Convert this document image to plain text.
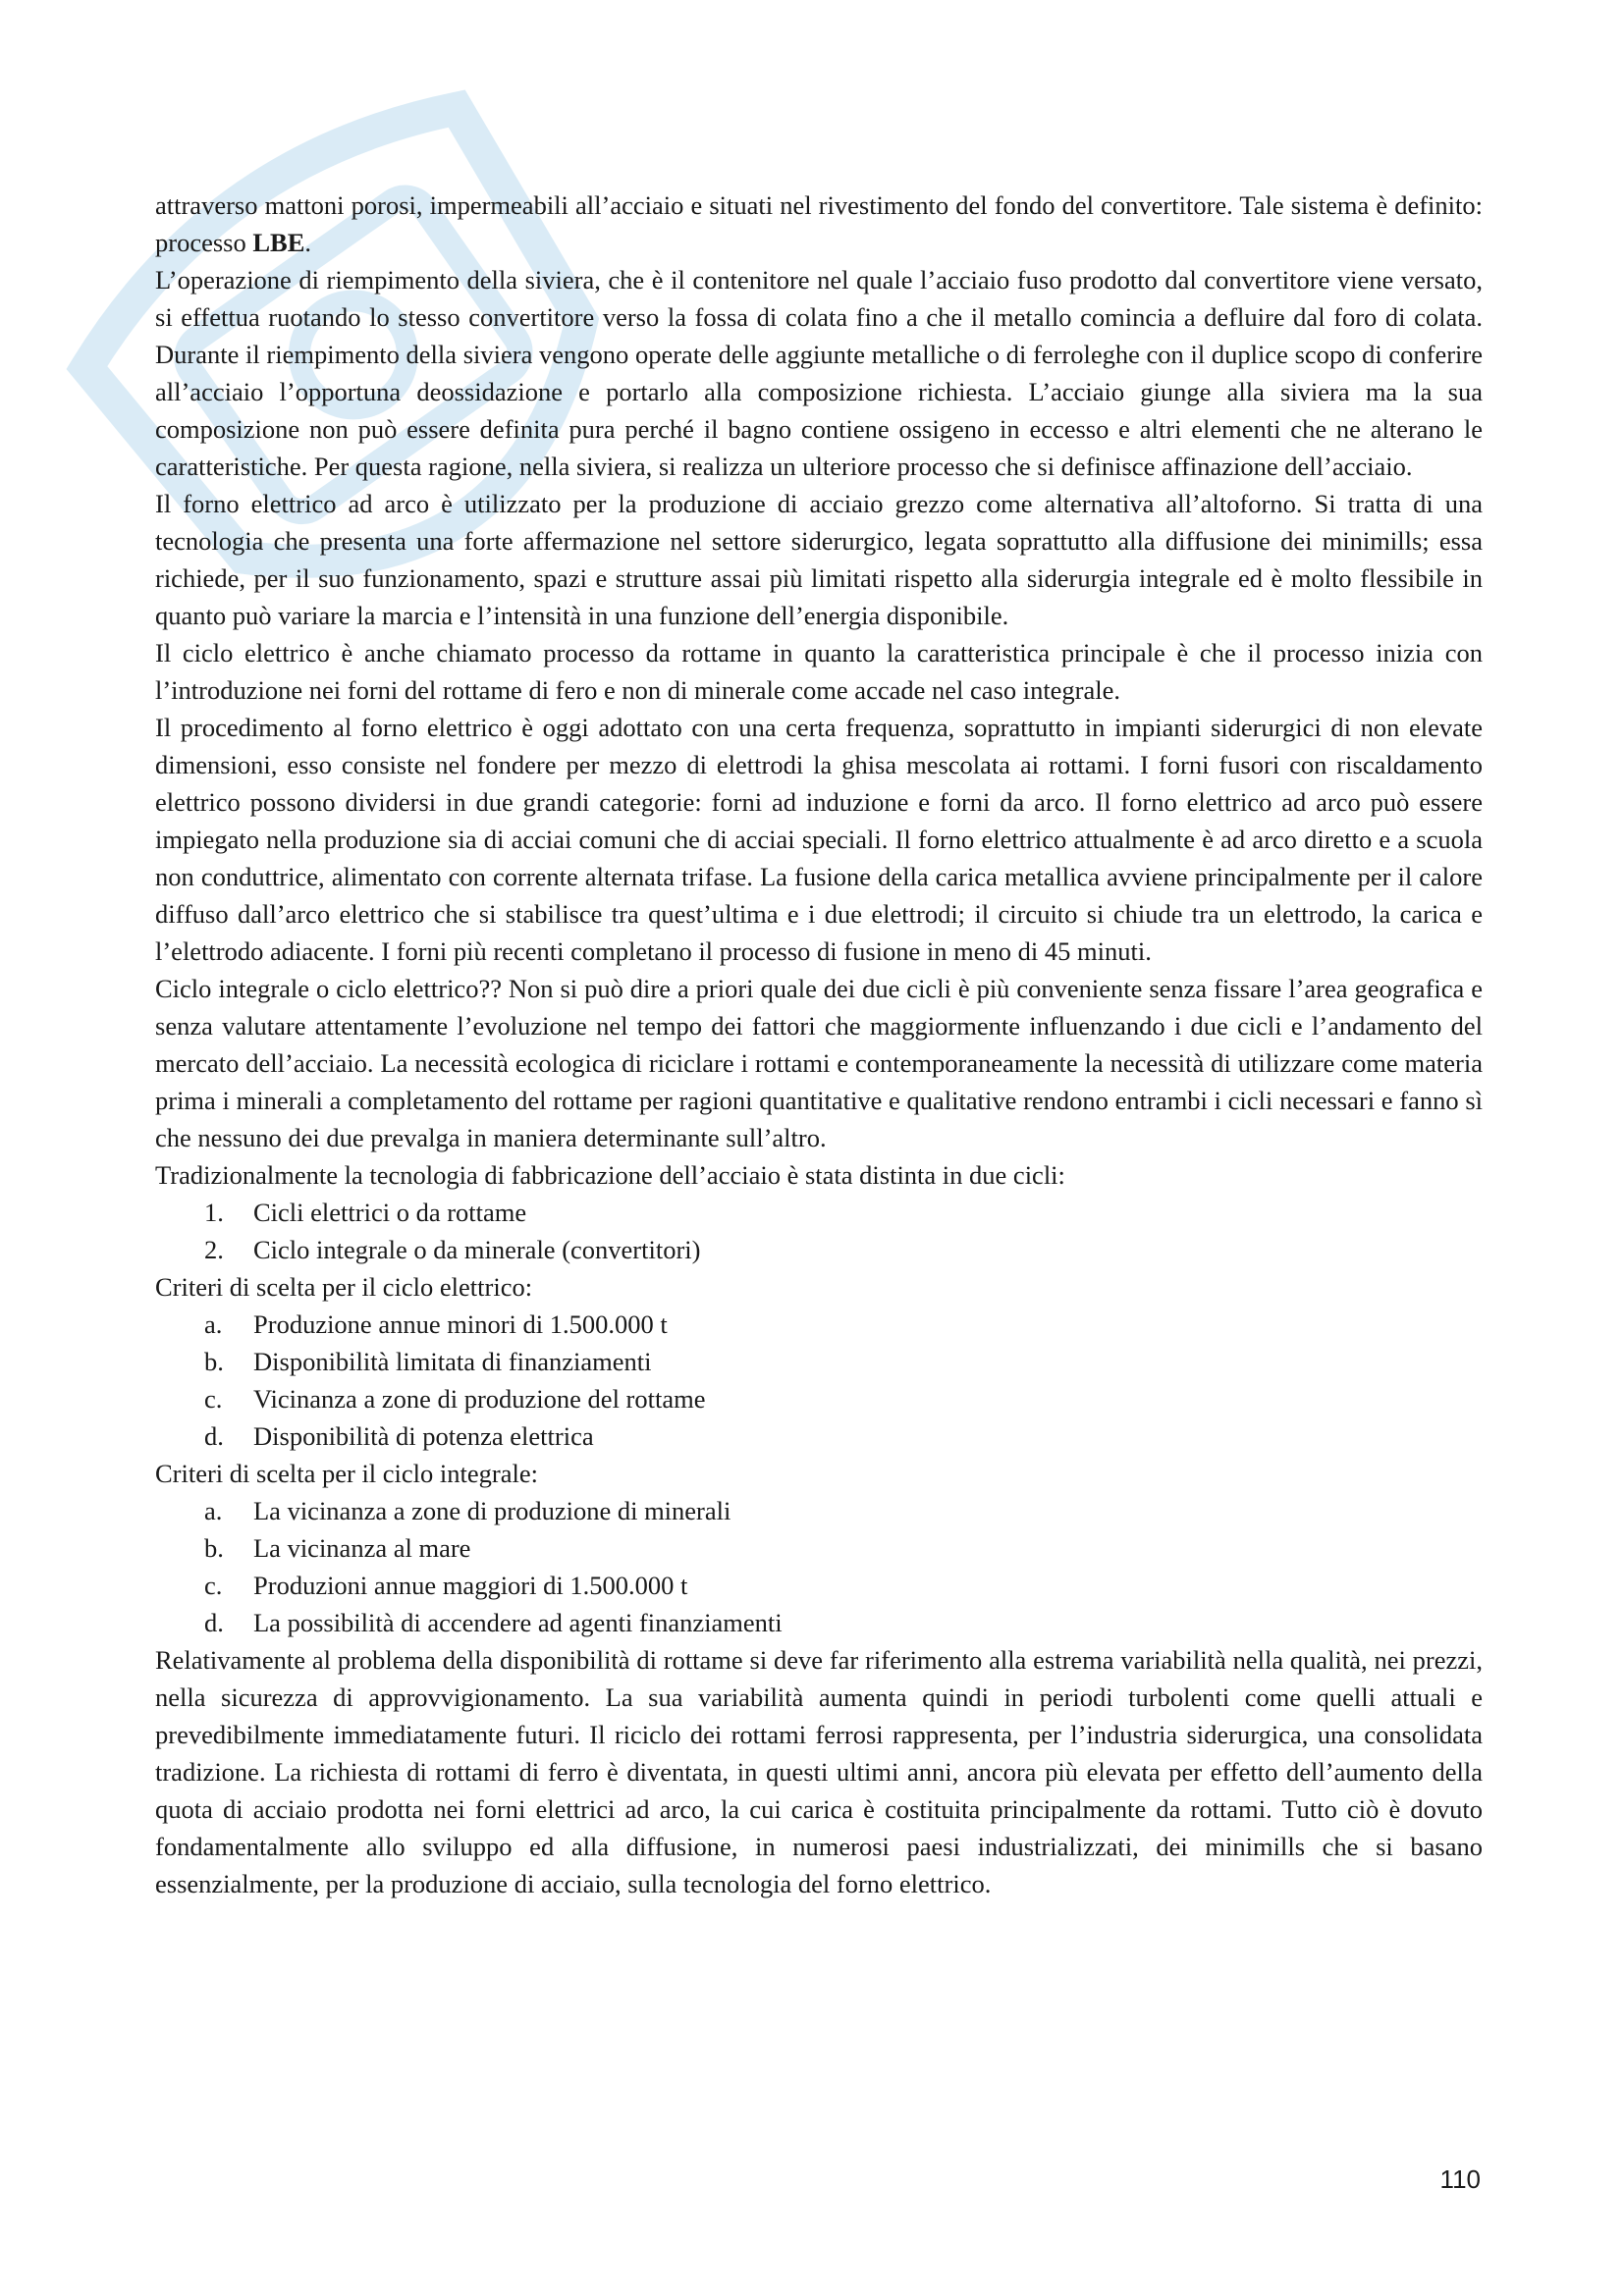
attraverso mattoni porosi, impermeabili all’acciaio e situati nel rivestimento del fondo del convertitore. Tale sistema è definito: processo LBE.

L’operazione di riempimento della siviera, che è il contenitore nel quale l’acciaio fuso prodotto dal convertitore viene versato, si effettua ruotando lo stesso convertitore verso la fossa di colata fino a che il metallo comincia a defluire dal foro di colata. Durante il riempimento della siviera vengono operate delle aggiunte metalliche o di ferroleghe con il duplice scopo di conferire all’acciaio l’opportuna deossidazione e portarlo alla composizione richiesta. L’acciaio giunge alla siviera ma la sua composizione non può essere definita pura perché il bagno contiene ossigeno in eccesso e altri elementi che ne alterano le caratteristiche. Per questa ragione, nella siviera, si realizza un ulteriore processo che si definisce affinazione dell’acciaio.

Il forno elettrico ad arco è utilizzato per la produzione di acciaio grezzo come alternativa all’altoforno. Si tratta di una tecnologia che presenta una forte affermazione nel settore siderurgico, legata soprattutto alla diffusione dei minimills; essa richiede, per il suo funzionamento, spazi e strutture assai più limitati rispetto alla siderurgia integrale ed è molto flessibile in quanto può variare la marcia e l’intensità in una funzione dell’energia disponibile.

Il ciclo elettrico è anche chiamato processo da rottame in quanto la caratteristica principale è che il processo inizia con l’introduzione nei forni del rottame di fero e non di minerale come accade nel caso integrale.

Il procedimento al forno elettrico è oggi adottato con una certa frequenza, soprattutto in impianti siderurgici di non elevate dimensioni, esso consiste nel fondere per mezzo di elettrodi la ghisa mescolata ai rottami. I forni fusori con riscaldamento elettrico possono dividersi in due grandi categorie: forni ad induzione e forni da arco. Il forno elettrico ad arco può essere impiegato nella produzione sia di acciai comuni che di acciai speciali. Il forno elettrico attualmente è ad arco diretto e a scuola non conduttrice, alimentato con corrente alternata trifase. La fusione della carica metallica avviene principalmente per il calore diffuso dall’arco elettrico che si stabilisce tra quest’ultima e i due elettrodi; il circuito si chiude tra un elettrodo, la carica e l’elettrodo adiacente. I forni più recenti completano il processo di fusione in meno di 45 minuti.

Ciclo integrale o ciclo elettrico?? Non si può dire a priori quale dei due cicli è più conveniente senza fissare l’area geografica e senza valutare attentamente l’evoluzione nel tempo dei fattori che maggiormente influenzando i due cicli e l’andamento del mercato dell’acciaio. La necessità ecologica di riciclare i rottami e contemporaneamente la necessità di utilizzare come materia prima i minerali a completamento del rottame per ragioni quantitative e qualitative rendono entrambi i cicli necessari e fanno sì che nessuno dei due prevalga in maniera determinante sull’altro.

Tradizionalmente la tecnologia di fabbricazione dell’acciaio è stata distinta in due cicli:

1.	Cicli elettrici o da rottame
2.	Ciclo integrale o da minerale (convertitori)

Criteri di scelta per il ciclo elettrico:

a.	Produzione annue minori di 1.500.000 t
b.	Disponibilità limitata di finanziamenti
c.	Vicinanza a zone di produzione del rottame
d.	Disponibilità di potenza elettrica

Criteri di scelta per il ciclo integrale:

a.	La vicinanza a zone di produzione di minerali
b.	La vicinanza al mare
c.	Produzioni annue maggiori di 1.500.000 t
d.	La possibilità di accendere ad agenti finanziamenti

Relativamente al problema della disponibilità di rottame si deve far riferimento alla estrema variabilità nella qualità, nei prezzi, nella sicurezza di approvvigionamento. La sua variabilità aumenta quindi in periodi turbolenti come quelli attuali e prevedibilmente immediatamente futuri. Il riciclo dei rottami ferrosi rappresenta, per l’industria siderurgica, una consolidata tradizione. La richiesta di rottami di ferro è diventata, in questi ultimi anni, ancora più elevata per effetto dell’aumento della quota di acciaio prodotta nei forni elettrici ad arco, la cui carica è costituita principalmente da rottami. Tutto ciò è dovuto fondamentalmente allo sviluppo ed alla diffusione, in numerosi paesi industrializzati, dei minimills che si basano essenzialmente, per la produzione di acciaio, sulla tecnologia del forno elettrico.

110
